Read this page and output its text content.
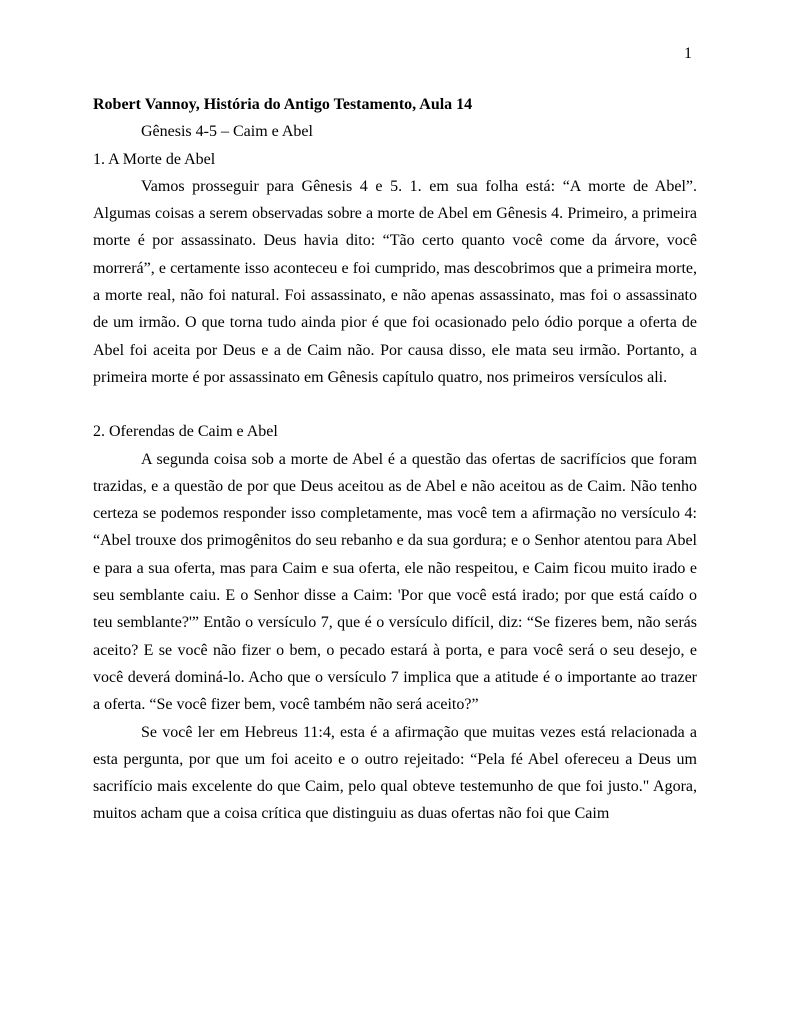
1

Robert Vannoy, História do Antigo Testamento, Aula 14

Gênesis 4-5 – Caim e Abel

1. A Morte de Abel

Vamos prosseguir para Gênesis 4 e 5. 1. em sua folha está: “A morte de Abel”. Algumas coisas a serem observadas sobre a morte de Abel em Gênesis 4. Primeiro, a primeira morte é por assassinato. Deus havia dito: “Tão certo quanto você come da árvore, você morrerá”, e certamente isso aconteceu e foi cumprido, mas descobrimos que a primeira morte, a morte real, não foi natural. Foi assassinato, e não apenas assassinato, mas foi o assassinato de um irmão. O que torna tudo ainda pior é que foi ocasionado pelo ódio porque a oferta de Abel foi aceita por Deus e a de Caim não. Por causa disso, ele mata seu irmão. Portanto, a primeira morte é por assassinato em Gênesis capítulo quatro, nos primeiros versículos ali.

2. Oferendas de Caim e Abel

A segunda coisa sob a morte de Abel é a questão das ofertas de sacrifícios que foram trazidas, e a questão de por que Deus aceitou as de Abel e não aceitou as de Caim. Não tenho certeza se podemos responder isso completamente, mas você tem a afirmação no versículo 4: “Abel trouxe dos primogênitos do seu rebanho e da sua gordura; e o Senhor atentou para Abel e para a sua oferta, mas para Caim e sua oferta, ele não respeitou, e Caim ficou muito irado e seu semblante caiu. E o Senhor disse a Caim: 'Por que você está irado; por que está caído o teu semblante?'” Então o versículo 7, que é o versículo difícil, diz: “Se fizeres bem, não serás aceito? E se você não fizer o bem, o pecado estará à porta, e para você será o seu desejo, e você deverá dominá-lo. Acho que o versículo 7 implica que a atitude é o importante ao trazer a oferta. “Se você fizer bem, você também não será aceito?”

Se você ler em Hebreus 11:4, esta é a afirmação que muitas vezes está relacionada a esta pergunta, por que um foi aceito e o outro rejeitado: “Pela fé Abel ofereceu a Deus um sacrifício mais excelente do que Caim, pelo qual obteve testemunho de que foi justo." Agora, muitos acham que a coisa crítica que distinguiu as duas ofertas não foi que Caim
